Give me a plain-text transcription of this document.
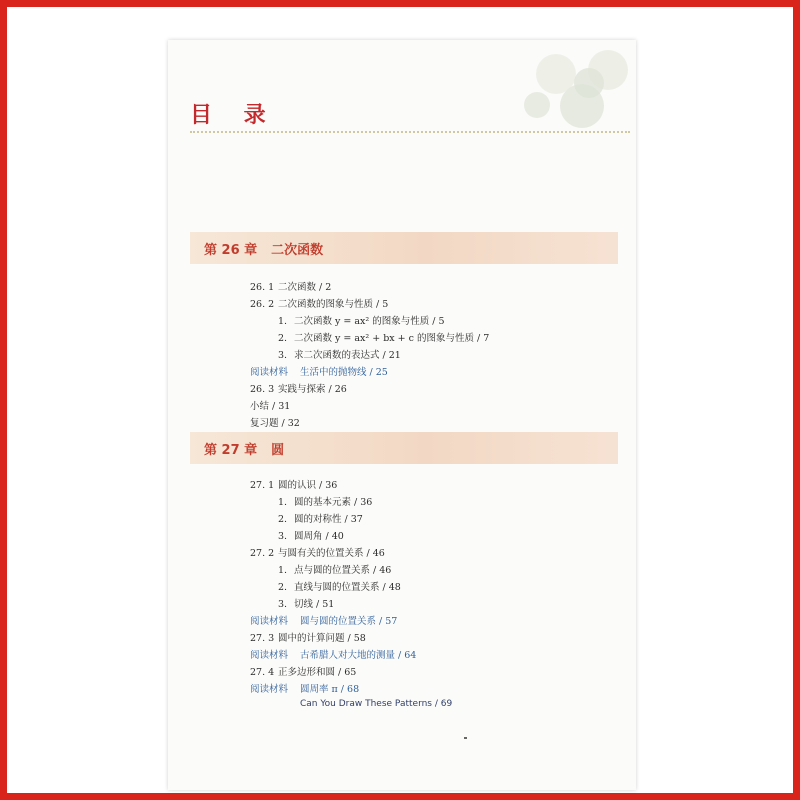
目 录
第 26 章 二次函数
26. 1 二次函数 / 2
26. 2 二次函数的图象与性质 / 5
1. 二次函数 y = ax² 的图象与性质 / 5
2. 二次函数 y = ax² + bx + c 的图象与性质 / 7
3. 求二次函数的表达式 / 21
阅读材料 生活中的抛物线 / 25
26. 3 实践与探索 / 26
小结 / 31
复习题 / 32
第 27 章 圆
27. 1 圆的认识 / 36
1. 圆的基本元素 / 36
2. 圆的对称性 / 37
3. 圆周角 / 40
27. 2 与圆有关的位置关系 / 46
1. 点与圆的位置关系 / 46
2. 直线与圆的位置关系 / 48
3. 切线 / 51
阅读材料 圆与圆的位置关系 / 57
27. 3 圆中的计算问题 / 58
阅读材料 古希腊人对大地的测量 / 64
27. 4 正多边形和圆 / 65
阅读材料 圆周率 π / 68
Can You Draw These Patterns / 69
